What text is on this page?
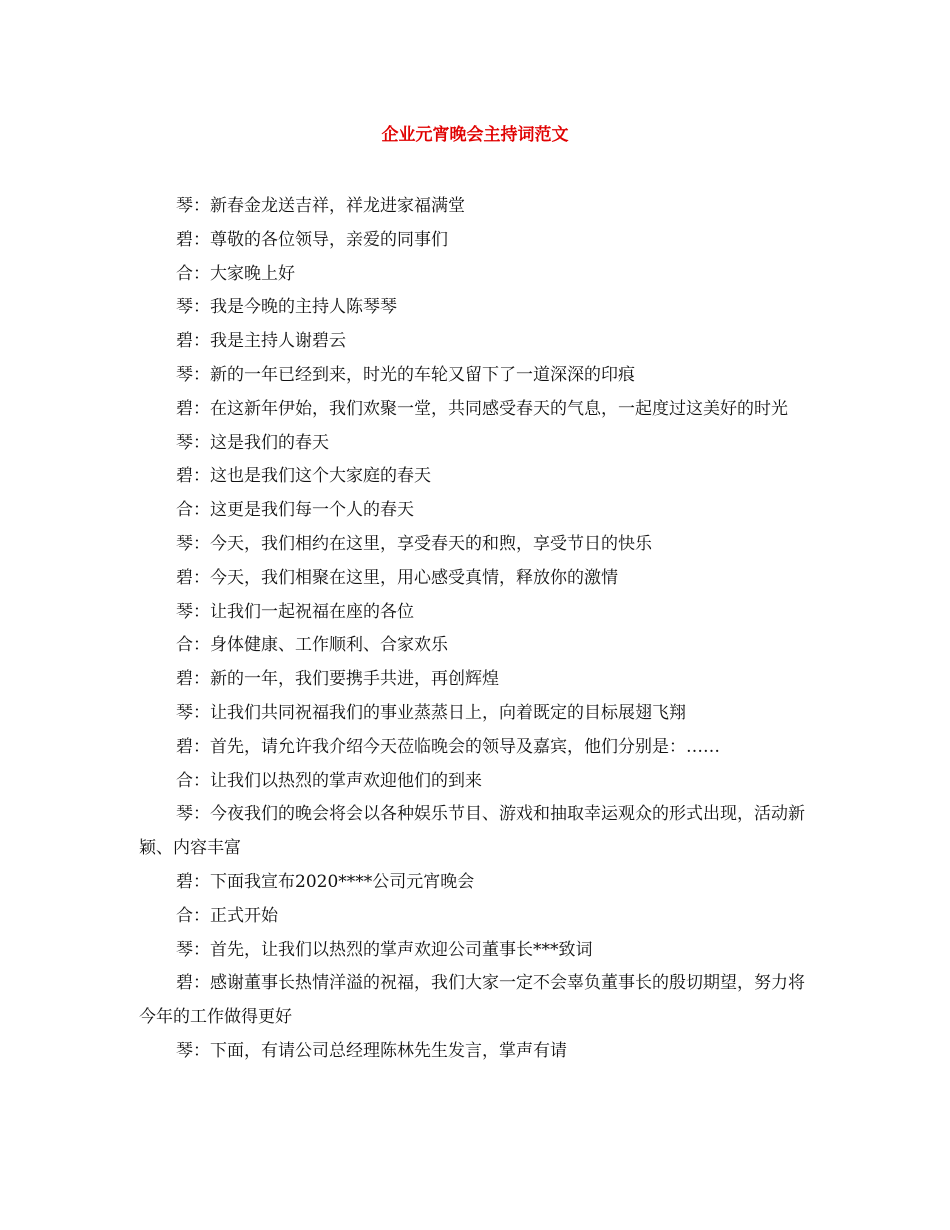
企业元宵晚会主持词范文

琴：新春金龙送吉祥，祥龙进家福满堂

碧：尊敬的各位领导，亲爱的同事们

合：大家晚上好

琴：我是今晚的主持人陈琴琴

碧：我是主持人谢碧云

琴：新的一年已经到来，时光的车轮又留下了一道深深的印痕

碧：在这新年伊始，我们欢聚一堂，共同感受春天的气息，一起度过这美好的时光

琴：这是我们的春天

碧：这也是我们这个大家庭的春天

合：这更是我们每一个人的春天

琴：今天，我们相约在这里，享受春天的和煦，享受节日的快乐

碧：今天，我们相聚在这里，用心感受真情，释放你的激情

琴：让我们一起祝福在座的各位

合：身体健康、工作顺利、合家欢乐

碧：新的一年，我们要携手共进，再创辉煌

琴：让我们共同祝福我们的事业蒸蒸日上，向着既定的目标展翅飞翔

碧：首先，请允许我介绍今天莅临晚会的领导及嘉宾，他们分别是：……

合：让我们以热烈的掌声欢迎他们的到来

琴：今夜我们的晚会将会以各种娱乐节目、游戏和抽取幸运观众的形式出现，活动新颖、内容丰富

碧：下面我宣布2020****公司元宵晚会

合：正式开始

琴：首先，让我们以热烈的掌声欢迎公司董事长***致词

碧：感谢董事长热情洋溢的祝福，我们大家一定不会辜负董事长的殷切期望，努力将今年的工作做得更好

琴：下面，有请公司总经理陈林先生发言，掌声有请
